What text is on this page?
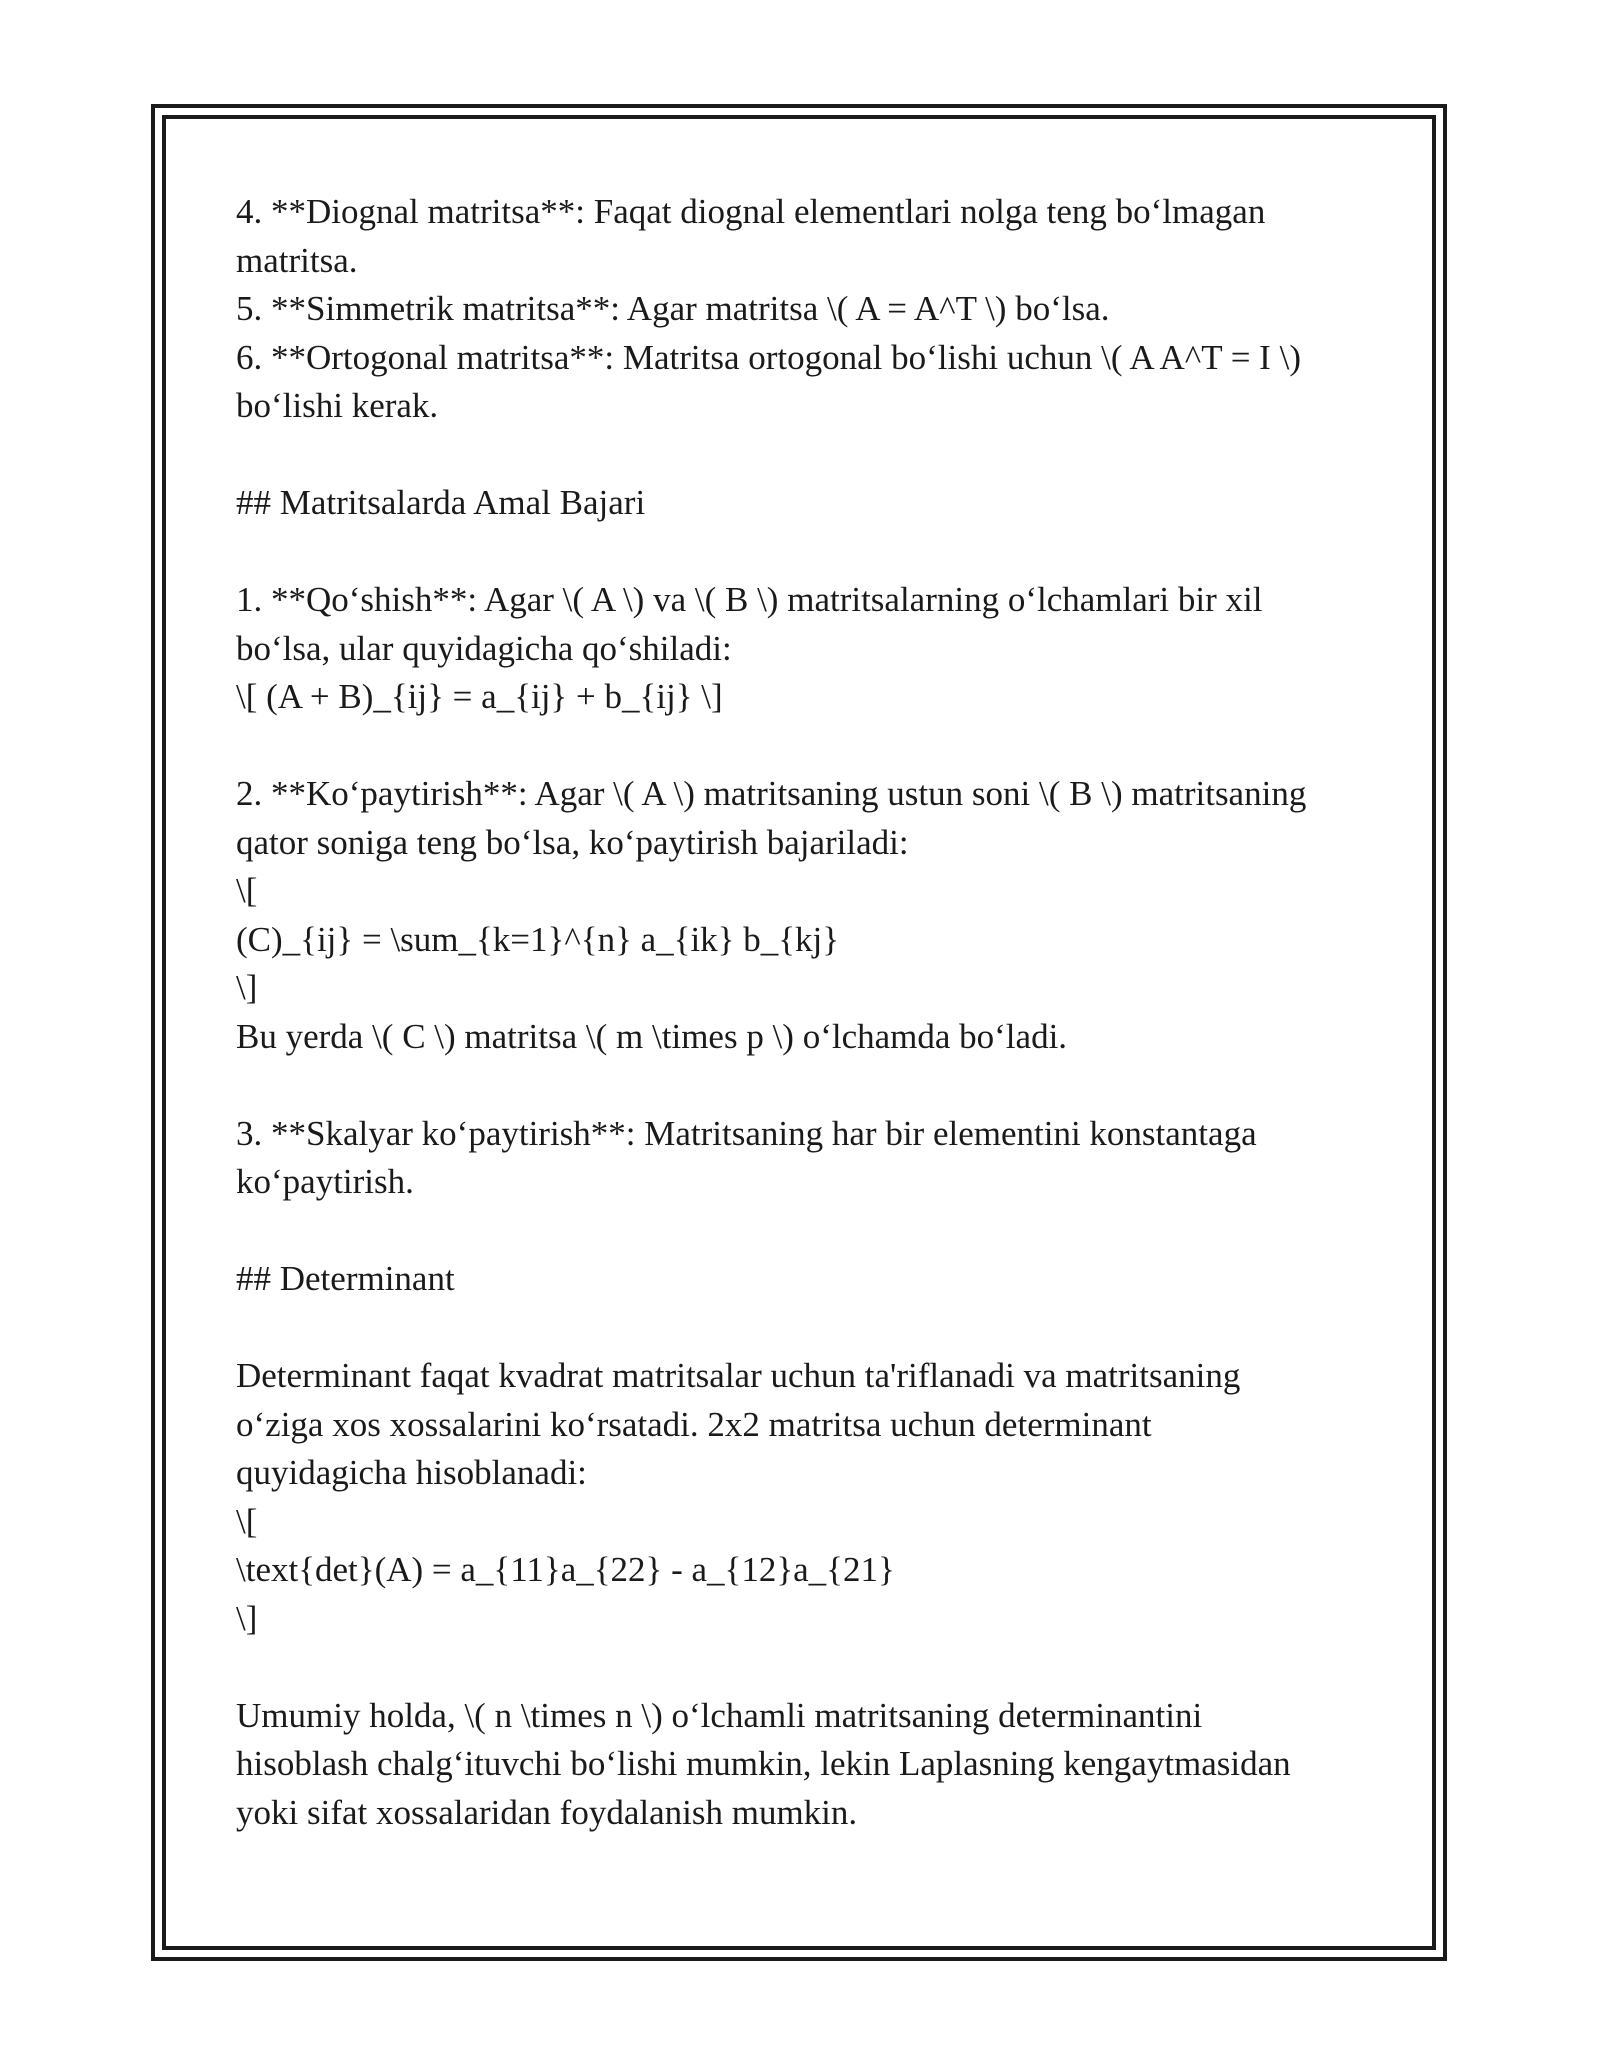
4. **Diognal matritsa**: Faqat diognal elementlari nolga teng bo‘lmagan
matritsa.
5. **Simmetrik matritsa**: Agar matritsa \( A = A^T \) bo‘lsa.
6. **Ortogonal matritsa**: Matritsa ortogonal bo‘lishi uchun \( A A^T = I \)
bo‘lishi kerak.
## Matritsalarda Amal Bajari
1. **Qo‘shish**: Agar \( A \) va \( B \) matritsalarning o‘lchamlari bir xil
bo‘lsa, ular quyidagicha qo‘shiladi:
\[ (A + B)_{ij} = a_{ij} + b_{ij} \]
2. **Ko‘paytirish**: Agar \( A \) matritsaning ustun soni \( B \) matritsaning
qator soniga teng bo‘lsa, ko‘paytirish bajariladi:
\[
(C)_{ij} = \sum_{k=1}^{n} a_{ik} b_{kj}
\]
Bu yerda \( C \) matritsa \( m \times p \) o‘lchamda bo‘ladi.
3. **Skalyar ko‘paytirish**: Matritsaning har bir elementini konstantaga
ko‘paytirish.
## Determinant
Determinant faqat kvadrat matritsalar uchun ta'riflanadi va matritsaning
o‘ziga xos xossalarini ko‘rsatadi. 2x2 matritsa uchun determinant
quyidagicha hisoblanadi:
\[
\text{det}(A) = a_{11}a_{22} - a_{12}a_{21}
\]
Umumiy holda, \( n \times n \) o‘lchamli matritsaning determinantini
hisoblash chalg‘ituvchi bo‘lishi mumkin, lekin Laplasning kengaytmasidan
yoki sifat xossalaridan foydalanish mumkin.
